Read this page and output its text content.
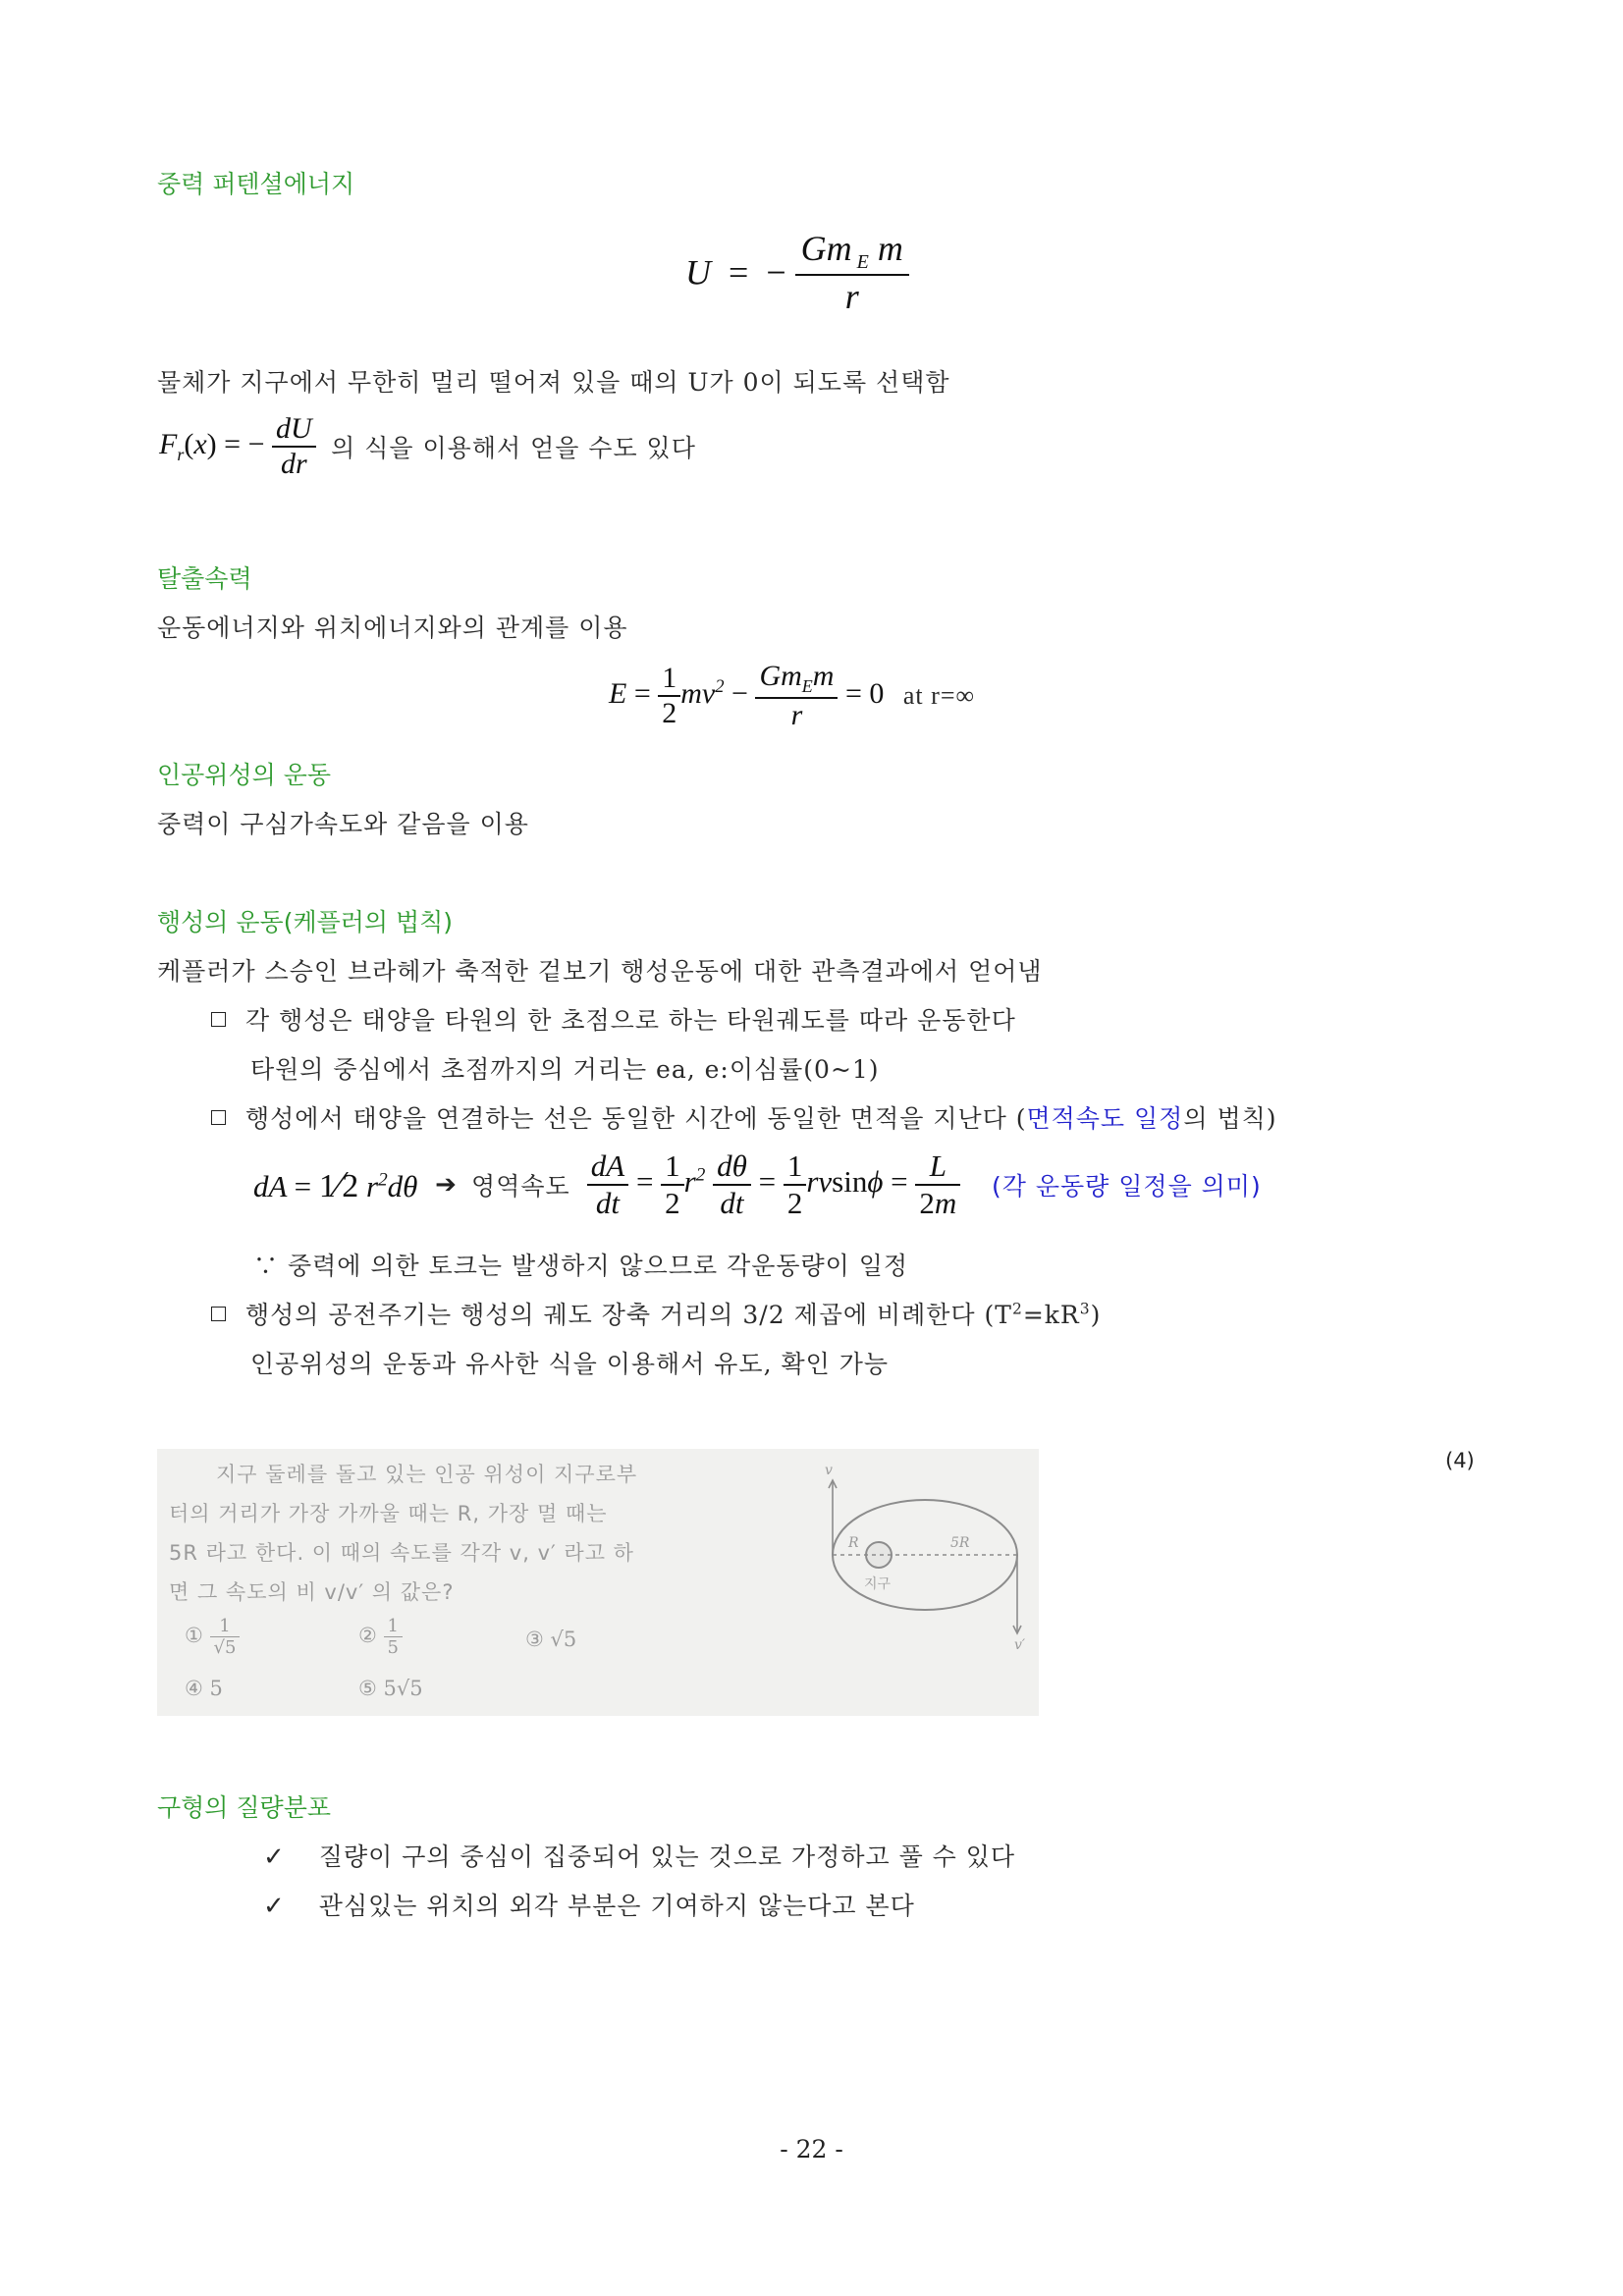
중력 퍼텐셜에너지
U  = − $\frac{Gm _E m}{r}$
물체가 지구에서 무한히 멀리 떨어져 있을 때의 U가 0이 되도록 선택함
$F_r(x)$ = − $\frac{dU}{dr}$ 의 식을 이용해서 얻을 수도 있다
탈출속력
운동에너지와 위치에너지와의 관계를 이용
$E = \frac{1}{2} mv^2 - \frac{Gm_Em}{r} = 0$ at r=∞
인공위성의 운동
중력이 구심가속도와 같음을 이용
행성의 운동(케플러의 법칙)
케플러가 스승인 브라헤가 축적한 겉보기 행성운동에 대한 관측결과에서 얻어냄
각 행성은 태양을 타원의 한 초점으로 하는 타원궤도를 따라 운동한다
타원의 중심에서 초점까지의 거리는 ea, e:이심률(0~1)
행성에서 태양을 연결하는 선은 동일한 시간에 동일한 면적을 지난다 (면적속도 일정의 법칙)
dA = 1⁄2 $r^2d\theta$ ➔ 영역속도 $\frac{dA}{dt} = \frac{1}{2} r^2 \frac{d\theta}{dt} = \frac{1}{2}$ $rvsin\phi = \frac{L}{2m}$ (각 운동량 일정을 의미)
∵ 중력에 의한 토크는 발생하지 않으므로 각운동량이 일정
행성의 공전주기는 행성의 궤도 장축 거리의 3/2 제곱에 비례한다 $(T^2=kR^3)$
인공위성의 운동과 유사한 식을 이용해서 유도, 확인 가능
지구 둘레를 돌고 있는 인공 위성이 지구로부
터의 거리가 가장 가까울 때는 R, 가장 멀 때는
5R 라고 한다. 이 때의 속도를 각각 v, v′ 라고 하
면 그 속도의 비 v/v′ 의 값은?
① $\frac{1}{√5}$	② $\frac{1}{5}$	③ √5
④ 5	⑤ 5√5
v
R	5R
지구
v′
(4)
구형의 질량분포
✓ 질량이 구의 중심이 집중되어 있는 것으로 가정하고 풀 수 있다
✓ 관심있는 위치의 외각 부분은 기여하지 않는다고 본다
- 22 -
